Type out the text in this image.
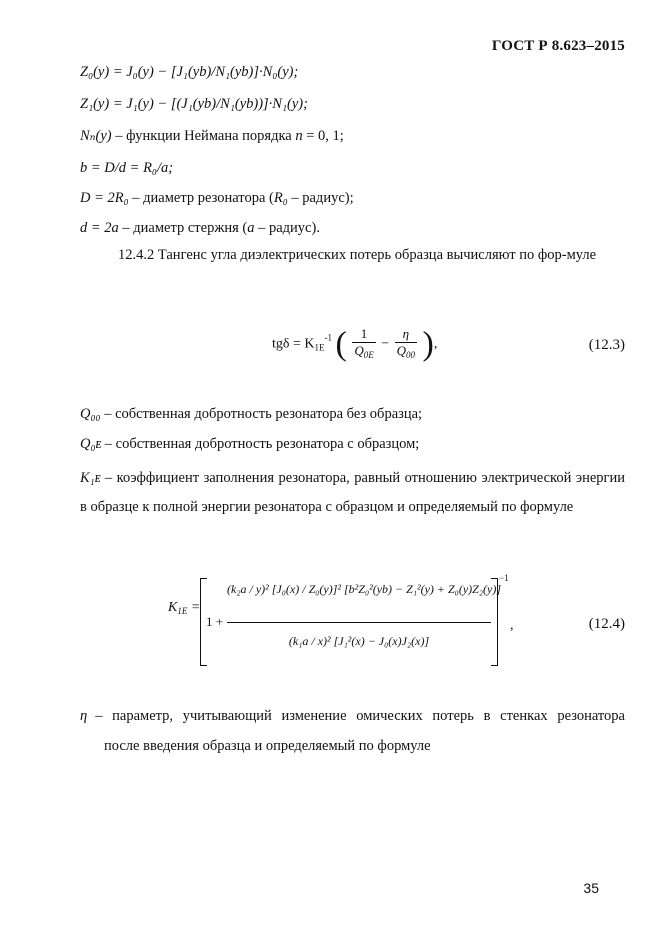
ГОСТ Р 8.623–2015
Z₀(y) = J₀(y) − [J₁(yb)/N₁(yb)]·N₀(y);
Z₁(y) = J₁(y) − [(J₁(yb)/N₁(yb))]·N₁(y);
Nₙ(y) – функции Неймана порядка n = 0, 1;
b = D/d = R₀/a;
D = 2R₀ – диаметр резонатора (R₀ – радиус);
d = 2a – диаметр стержня (a – радиус).
12.4.2 Тангенс угла диэлектрических потерь образца вычисляют по фор-муле
$tg\delta = K_{1E}^{-1}$ ( $\frac{1}{Q_{0E}} - \frac{\eta}{Q_{00}}$ ),	(12.3)
Q₀₀ – собственная добротность резонатора без образца;
Q₀ᴇ – собственная добротность резонатора с образцом;
K₁ᴇ – коэффициент заполнения резонатора, равный отношению электрической энергии в образце к полной энергии резонатора с образцом и определяемый по формуле
$K_{1E}$ =
1 +
(k₂a / y)² [J₀(x) / Z₀(y)]² [b²Z₀²(yb) − Z₁²(y) + Z₀(y)Z₂(y)]
(k₁a / x)² [J₁²(x) − J₀(x)J₂(x)]
−1
,	(12.4)
η – параметр, учитывающий изменение омических потерь в стенках резонатора
после введения образца и определяемый по формуле
35
